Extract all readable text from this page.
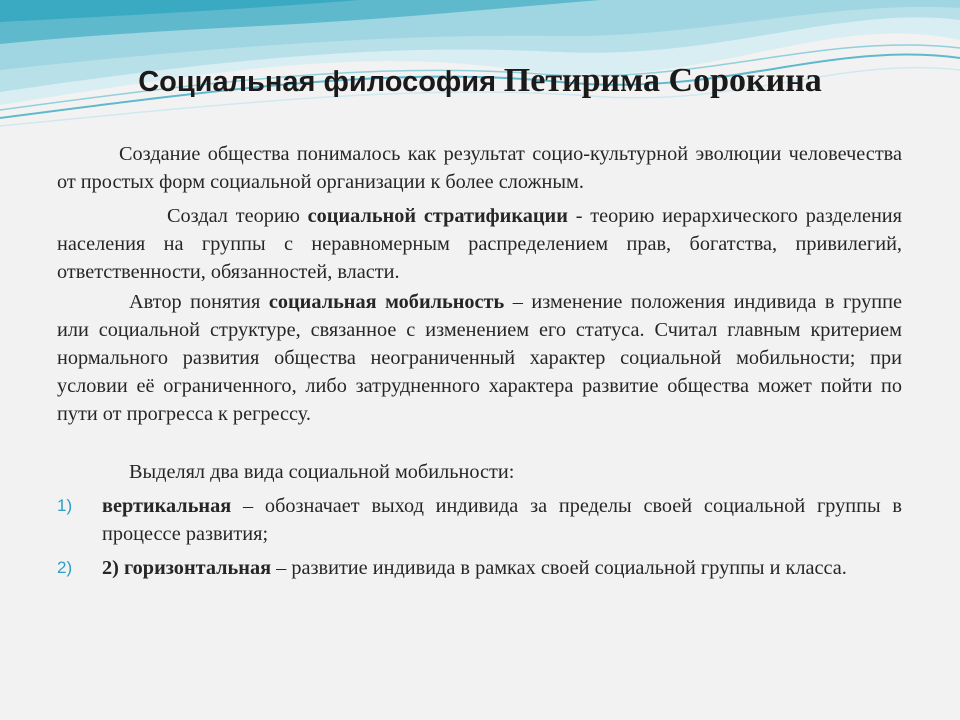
Социальная философия Петирима Сорокина

Создание общества понималось как результат социо-культурной эволюции человечества от простых форм социальной организации к более сложным.

Создал теорию социальной стратификации - теорию иерархического разделения населения на группы с неравномерным распределением прав, богатства, привилегий, ответственности, обязанностей, власти.

Автор понятия социальная мобильность – изменение положения индивида в группе или социальной структуре, связанное с изменением его статуса. Считал главным критерием нормального развития общества неограниченный характер социальной мобильности; при условии её ограниченного, либо затрудненного характера развитие общества может пойти по пути от прогресса к регрессу.

Выделял два вида социальной мобильности:

1) вертикальная – обозначает выход индивида за пределы своей социальной группы в процессе развития;
2) 2) горизонтальная – развитие индивида в рамках своей социальной группы и класса.
